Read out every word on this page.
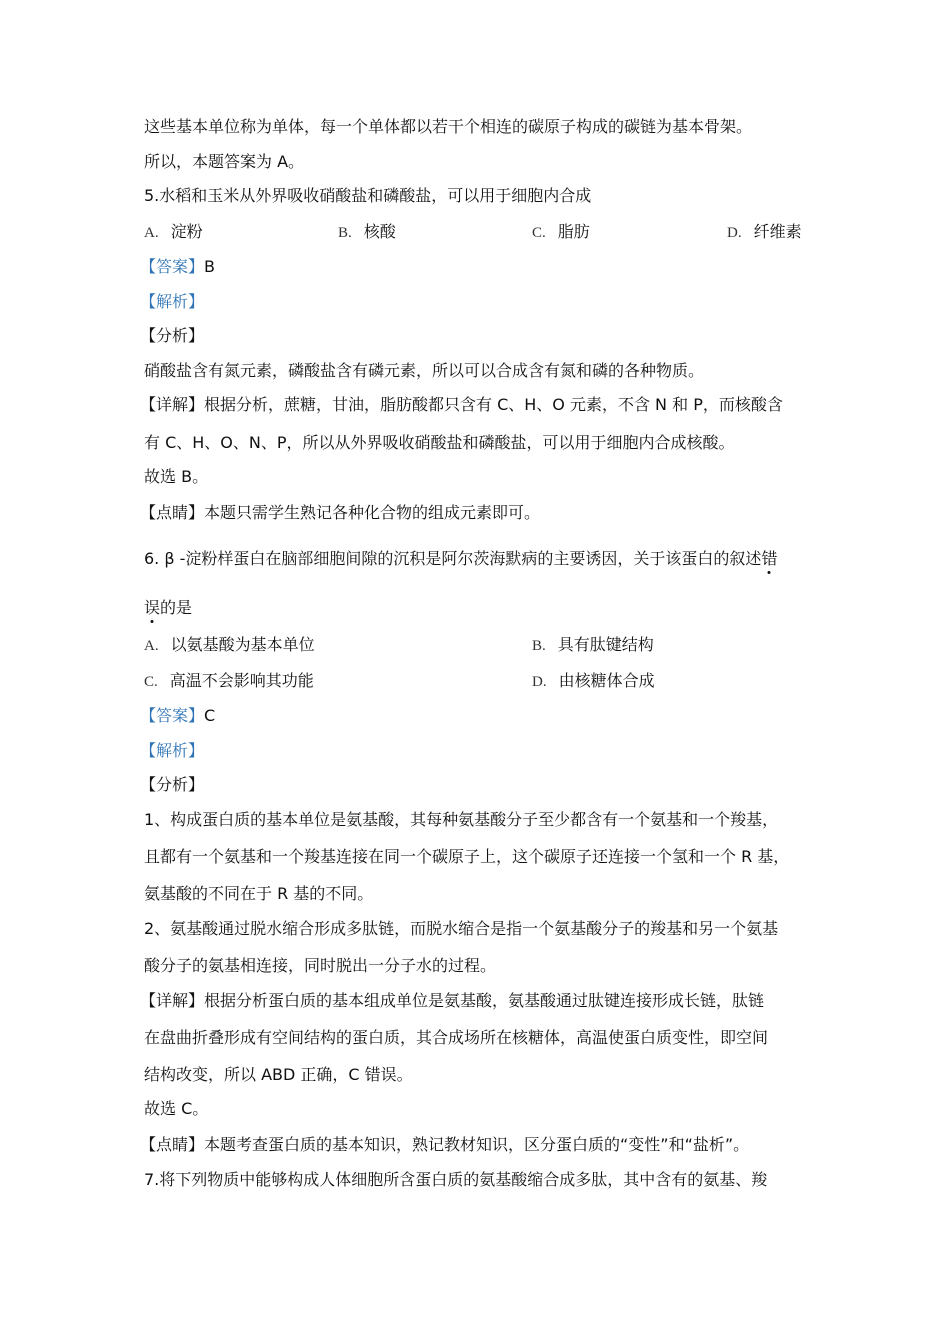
这些基本单位称为单体，每一个单体都以若干个相连的碳原子构成的碳链为基本骨架。
所以，本题答案为 A。
5.水稻和玉米从外界吸收硝酸盐和磷酸盐，可以用于细胞内合成
A. 淀粉	B. 核酸	C. 脂肪	D. 纤维素
【答案】B
【解析】
【分析】
硝酸盐含有氮元素，磷酸盐含有磷元素，所以可以合成含有氮和磷的各种物质。
【详解】根据分析，蔗糖，甘油，脂肪酸都只含有 C、H、O 元素，不含 N 和 P，而核酸含
有 C、H、O、N、P，所以从外界吸收硝酸盐和磷酸盐，可以用于细胞内合成核酸。
故选 B。
【点睛】本题只需学生熟记各种化合物的组成元素即可。
6. β -淀粉样蛋白在脑部细胞间隙的沉积是阿尔茨海默病的主要诱因，关于该蛋白的叙述错
误的是
A. 以氨基酸为基本单位	B. 具有肽键结构
C. 高温不会影响其功能	D. 由核糖体合成
【答案】C
【解析】
【分析】
1、构成蛋白质的基本单位是氨基酸，其每种氨基酸分子至少都含有一个氨基和一个羧基，
且都有一个氨基和一个羧基连接在同一个碳原子上，这个碳原子还连接一个氢和一个 R 基，
氨基酸的不同在于 R 基的不同。
2、氨基酸通过脱水缩合形成多肽链，而脱水缩合是指一个氨基酸分子的羧基和另一个氨基
酸分子的氨基相连接，同时脱出一分子水的过程。
【详解】根据分析蛋白质的基本组成单位是氨基酸，氨基酸通过肽键连接形成长链，肽链
在盘曲折叠形成有空间结构的蛋白质，其合成场所在核糖体，高温使蛋白质变性，即空间
结构改变，所以 ABD 正确，C 错误。
故选 C。
【点睛】本题考查蛋白质的基本知识，熟记教材知识，区分蛋白质的“变性”和“盐析”。
7.将下列物质中能够构成人体细胞所含蛋白质的氨基酸缩合成多肽，其中含有的氨基、羧
